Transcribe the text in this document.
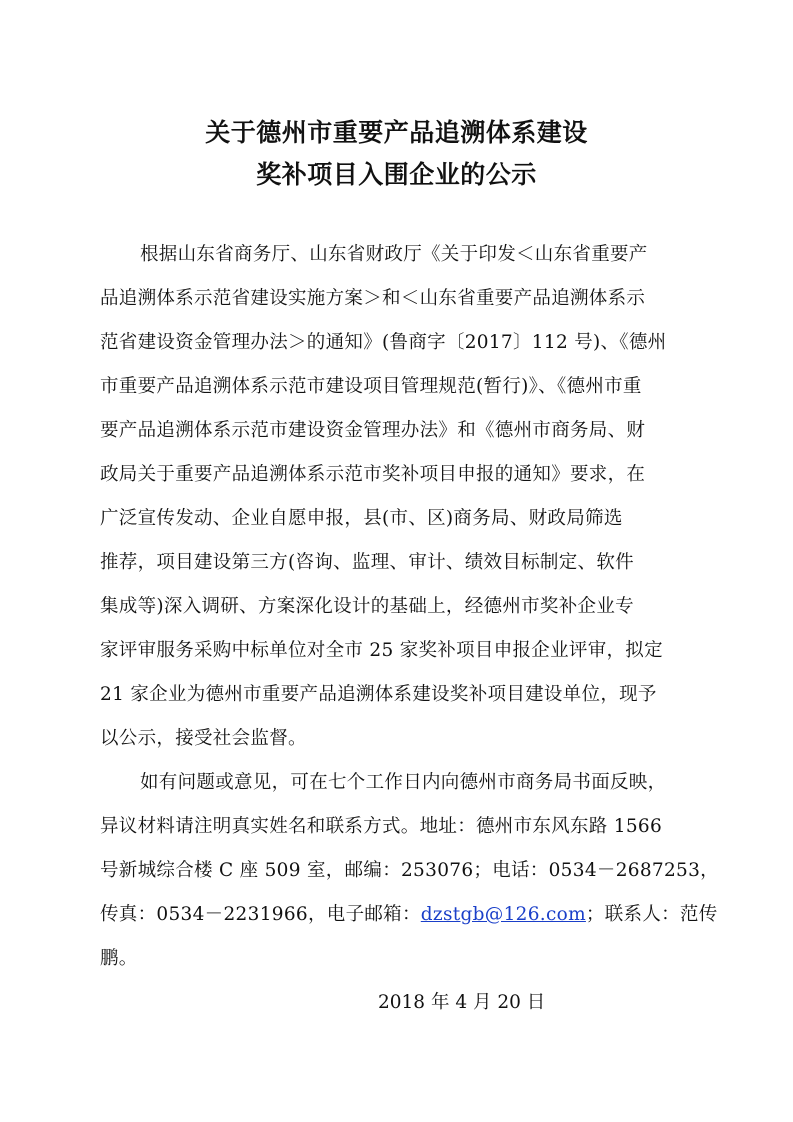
关于德州市重要产品追溯体系建设
奖补项目入围企业的公示
根据山东省商务厅、山东省财政厅《关于印发＜山东省重要产
品追溯体系示范省建设实施方案＞和＜山东省重要产品追溯体系示
范省建设资金管理办法＞的通知》(鲁商字〔2017〕112 号)、《德州
市重要产品追溯体系示范市建设项目管理规范(暂行)》、《德州市重
要产品追溯体系示范市建设资金管理办法》和《德州市商务局、财
政局关于重要产品追溯体系示范市奖补项目申报的通知》要求，在
广泛宣传发动、企业自愿申报，县(市、区)商务局、财政局筛选
推荐，项目建设第三方(咨询、监理、审计、绩效目标制定、软件
集成等)深入调研、方案深化设计的基础上，经德州市奖补企业专
家评审服务采购中标单位对全市 25 家奖补项目申报企业评审，拟定
21 家企业为德州市重要产品追溯体系建设奖补项目建设单位，现予
以公示，接受社会监督。
如有问题或意见，可在七个工作日内向德州市商务局书面反映，
异议材料请注明真实姓名和联系方式。地址：德州市东风东路 1566
号新城综合楼 C 座 509 室，邮编：253076；电话：0534－2687253，
传真：0534－2231966，电子邮箱：dzstgb@126.com；联系人：范传
鹏。
2018 年 4 月 20 日
